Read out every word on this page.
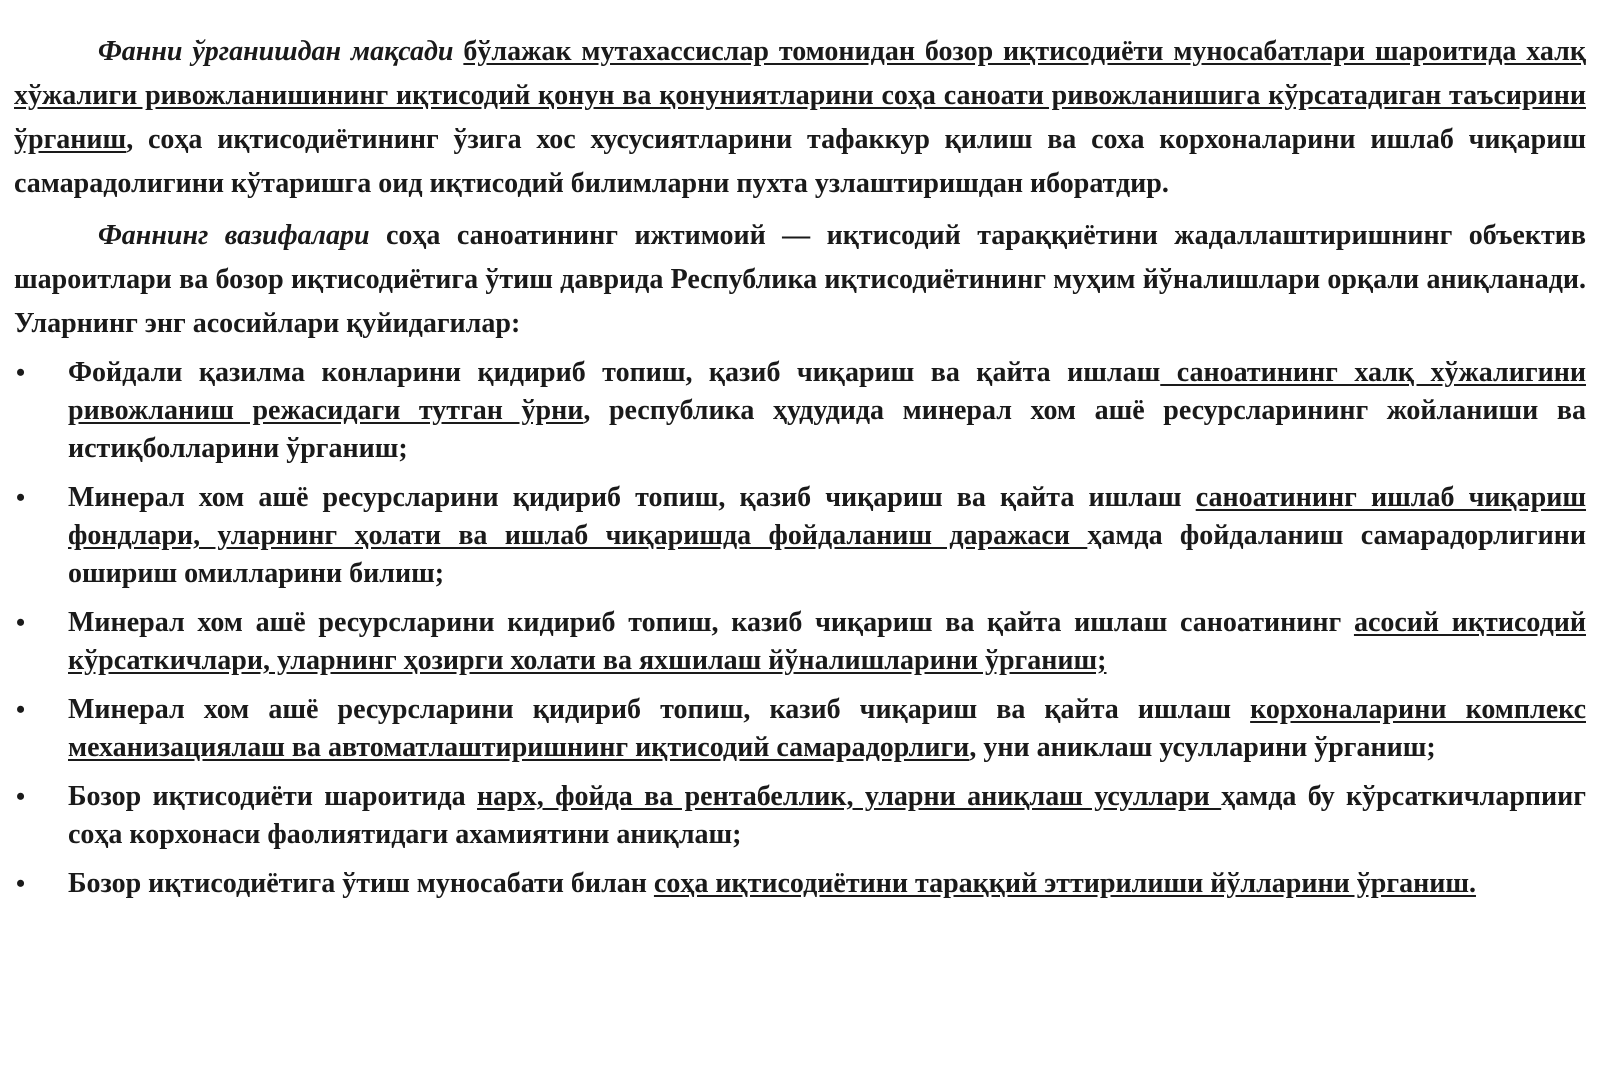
Фанни ўрганишдан мақсади бўлажак мутахассислар томонидан бозор иқтисодиёти муносабатлари шароитида халқ хўжалиги ривожланишининг иқтисодий қонун ва қонуниятларини соҳа саноати ривожланишига кўрсатадиган таъсирини ўрганиш, соҳа иқтисодиётининг ўзига хос хусусиятларини тафаккур қилиш ва соха корхоналарини ишлаб чиқариш самарадолигини кўтаришга оид иқтисодий билимларни пухта узлаштиришдан иборатдир.

Фаннинг вазифалари соҳа саноатининг ижтимоий — иқтисодий тараққиётини жадаллаштиришнинг объектив шароитлари ва бозор иқтисодиётига ўтиш даврида Республика иқтисодиётининг муҳим йўналишлари орқали аниқланади. Уларнинг энг асосийлари қуйидагилар:

• Фойдали қазилма конларини қидириб топиш, қазиб чиқариш ва қайта ишлаш саноатининг халқ хўжалигини ривожланиш режасидаги тутган ўрни, республика ҳудудида минерал хом ашё ресурсларининг жойланиши ва истиқболларини ўрганиш;
• Минерал хом ашё ресурсларини қидириб топиш, қазиб чиқариш ва қайта ишлаш саноатининг ишлаб чиқариш фондлари, уларнинг ҳолати ва ишлаб чиқаришда фойдаланиш даражаси ҳамда фойдаланиш самарадорлигини ошириш омилларини билиш;
• Минерал хом ашё ресурсларини кидириб топиш, казиб чиқариш ва қайта ишлаш саноатининг асосий иқтисодий кўрсаткичлари, уларнинг ҳозирги холати ва яхшилаш йўналишларини ўрганиш;
• Минерал хом ашё ресурсларини қидириб топиш, казиб чиқариш ва қайта ишлаш корхоналарини комплекс механизациялаш ва автоматлаштиришнинг иқтисодий самарадорлиги, уни аниклаш усулларини ўрганиш;
• Бозор иқтисодиёти шароитида нарх, фойда ва рентабеллик, уларни аниқлаш усуллари ҳамда бу кўрсаткичларпииг соҳа корхонаси фаолиятидаги ахамиятини аниқлаш;
• Бозор иқтисодиётига ўтиш муносабати билан соҳа иқтисодиётини тараққий эттирилиши йўлларини ўрганиш.
